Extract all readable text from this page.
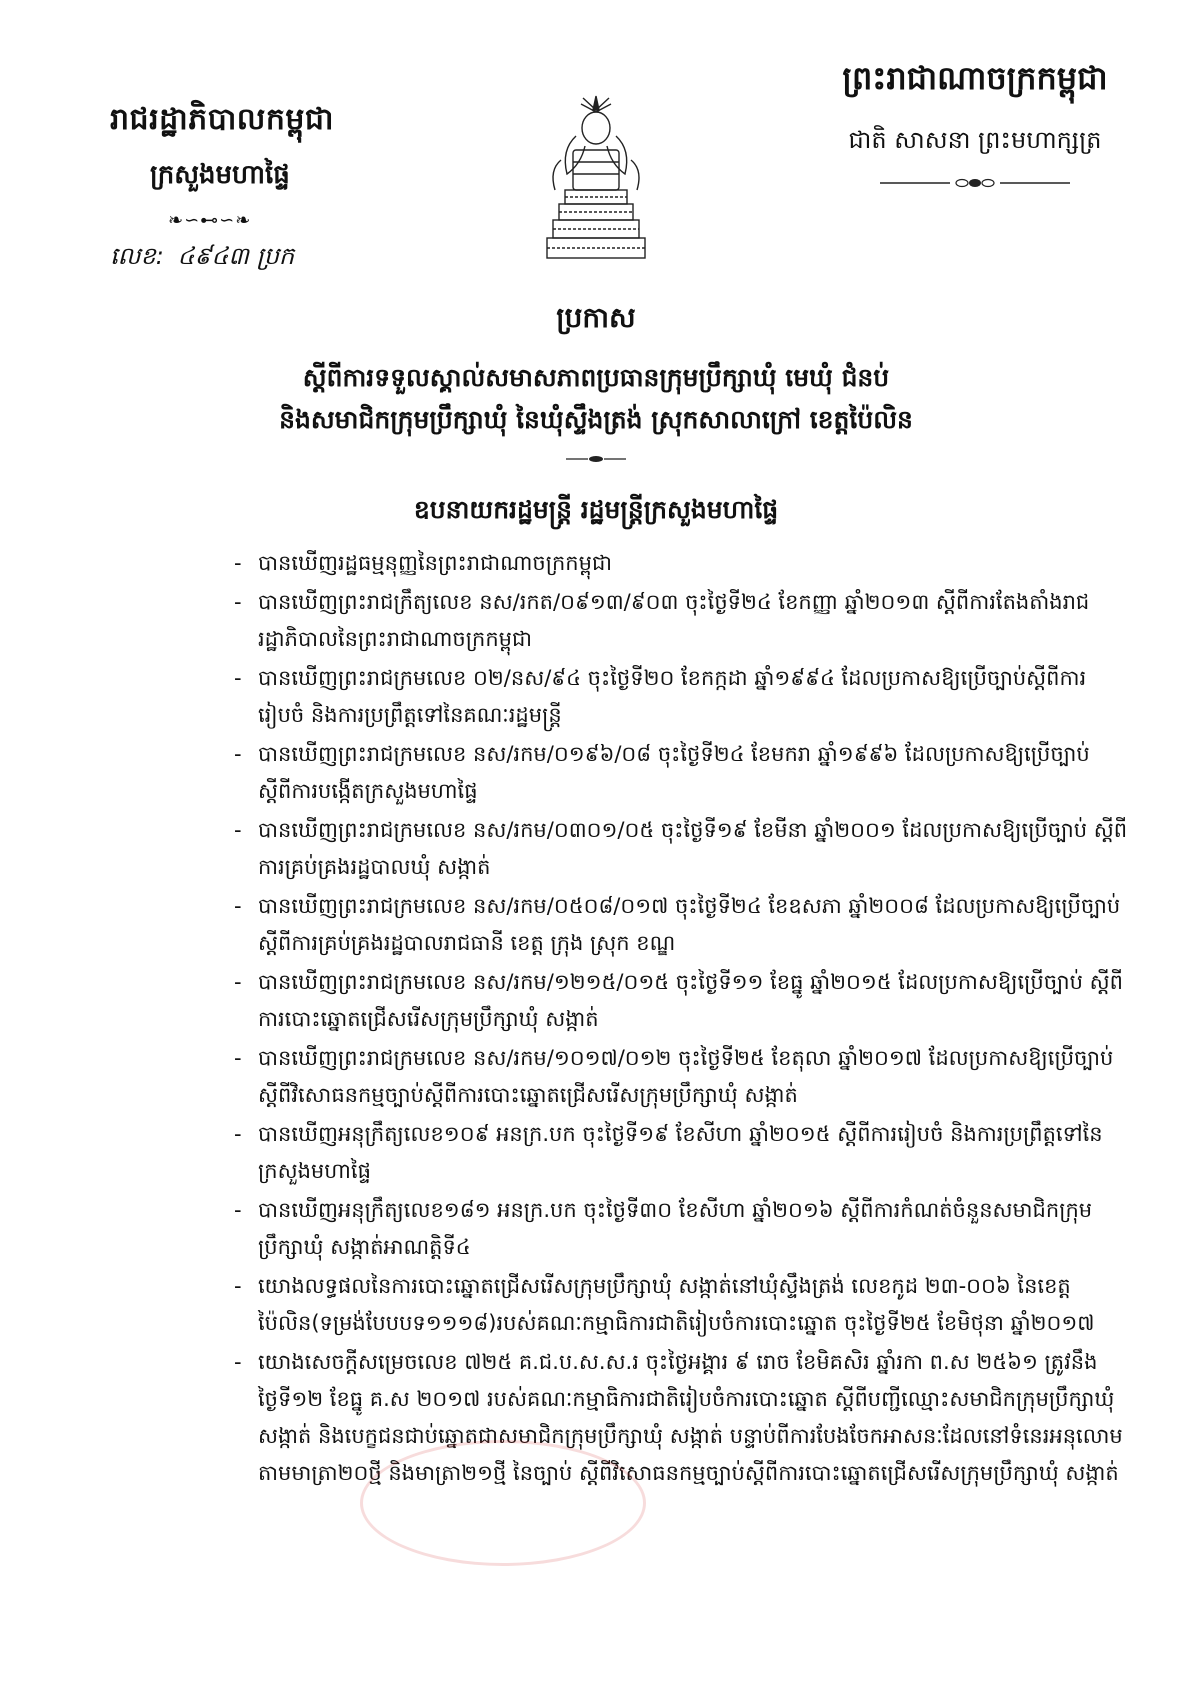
រាជរដ្ឋាភិបាលកម្ពុជា
ក្រសួងមហាផ្ទៃ
❧∽⊷∽❧
លេខ: ៤៩៤៣ ប្រក
ព្រះរាជាណាចក្រកម្ពុជា
ជាតិ សាសនា ព្រះមហាក្សត្រ
ប្រកាស
ស្តីពីការទទួលស្គាល់សមាសភាពប្រធានក្រុមប្រឹក្សាឃុំ មេឃុំ ជំនប់
និងសមាជិកក្រុមប្រឹក្សាឃុំ នៃឃុំស្ទឹងត្រង់ ស្រុកសាលាក្រៅ ខេត្តប៉ៃលិន
ឧបនាយករដ្ឋមន្ត្រី រដ្ឋមន្ត្រីក្រសួងមហាផ្ទៃ
- បានឃើញរដ្ឋធម្មនុញ្ញនៃព្រះរាជាណាចក្រកម្ពុជា
- បានឃើញព្រះរាជក្រឹត្យលេខ នស/រកត/០៩១៣/៩០៣ ចុះថ្ងៃទី២៤ ខែកញ្ញា ឆ្នាំ២០១៣ ស្តីពីការតែងតាំងរាជរដ្ឋាភិបាលនៃព្រះរាជាណាចក្រកម្ពុជា
- បានឃើញព្រះរាជក្រមលេខ ០២/នស/៩៤ ចុះថ្ងៃទី២០ ខែកក្កដា ឆ្នាំ១៩៩៤ ដែលប្រកាសឱ្យប្រើច្បាប់ស្តីពីការរៀបចំ និងការប្រព្រឹត្តទៅនៃគណៈរដ្ឋមន្ត្រី
- បានឃើញព្រះរាជក្រមលេខ នស/រកម/០១៩៦/០៨ ចុះថ្ងៃទី២៤ ខែមករា ឆ្នាំ១៩៩៦ ដែលប្រកាសឱ្យប្រើច្បាប់ ស្តីពីការបង្កើតក្រសួងមហាផ្ទៃ
- បានឃើញព្រះរាជក្រមលេខ នស/រកម/០៣០១/០៥ ចុះថ្ងៃទី១៩ ខែមីនា ឆ្នាំ២០០១ ដែលប្រកាសឱ្យប្រើច្បាប់ ស្តីពីការគ្រប់គ្រងរដ្ឋបាលឃុំ សង្កាត់
- បានឃើញព្រះរាជក្រមលេខ នស/រកម/០៥០៨/០១៧ ចុះថ្ងៃទី២៤ ខែឧសភា ឆ្នាំ២០០៨ ដែលប្រកាសឱ្យប្រើច្បាប់ ស្តីពីការគ្រប់គ្រងរដ្ឋបាលរាជធានី ខេត្ត ក្រុង ស្រុក ខណ្ឌ
- បានឃើញព្រះរាជក្រមលេខ នស/រកម/១២១៥/០១៥ ចុះថ្ងៃទី១១ ខែធ្នូ ឆ្នាំ២០១៥ ដែលប្រកាសឱ្យប្រើច្បាប់ ស្តីពីការបោះឆ្នោតជ្រើសរើសក្រុមប្រឹក្សាឃុំ សង្កាត់
- បានឃើញព្រះរាជក្រមលេខ នស/រកម/១០១៧/០១២ ចុះថ្ងៃទី២៥ ខែតុលា ឆ្នាំ២០១៧ ដែលប្រកាសឱ្យប្រើច្បាប់ ស្តីពីវិសោធនកម្មច្បាប់ស្តីពីការបោះឆ្នោតជ្រើសរើសក្រុមប្រឹក្សាឃុំ សង្កាត់
- បានឃើញអនុក្រឹត្យលេខ១០៩ អនក្រ.បក ចុះថ្ងៃទី១៩ ខែសីហា ឆ្នាំ២០១៥ ស្តីពីការរៀបចំ និងការប្រព្រឹត្តទៅនៃក្រសួងមហាផ្ទៃ
- បានឃើញអនុក្រឹត្យលេខ១៨១ អនក្រ.បក ចុះថ្ងៃទី៣០ ខែសីហា ឆ្នាំ២០១៦ ស្តីពីការកំណត់ចំនួនសមាជិកក្រុមប្រឹក្សាឃុំ សង្កាត់អាណត្តិទី៤
- យោងលទ្ធផលនៃការបោះឆ្នោតជ្រើសរើសក្រុមប្រឹក្សាឃុំ សង្កាត់នៅឃុំស្ទឹងត្រង់ លេខកូដ ២៣-០០៦ នៃខេត្តប៉ៃលិន(ទម្រង់បែបបទ១១១៨)របស់គណៈកម្មាធិការជាតិរៀបចំការបោះឆ្នោត ចុះថ្ងៃទី២៥ ខែមិថុនា ឆ្នាំ២០១៧
- យោងសេចក្តីសម្រេចលេខ ៧២៥ គ.ជ.ប.ស.ស.រ ចុះថ្ងៃអង្គារ ៩ រោច ខែមិគសិរ ឆ្នាំរកា ព.ស ២៥៦១ ត្រូវនឹងថ្ងៃទី១២ ខែធ្នូ គ.ស ២០១៧ របស់គណៈកម្មាធិការជាតិរៀបចំការបោះឆ្នោត ស្តីពីបញ្ជីឈ្មោះសមាជិកក្រុមប្រឹក្សាឃុំ សង្កាត់ និងបេក្ខជនជាប់ឆ្នោតជាសមាជិកក្រុមប្រឹក្សាឃុំ សង្កាត់ បន្ទាប់ពីការបែងចែកអាសនៈដែលនៅទំនេរអនុលោមតាមមាត្រា២០ថ្មី និងមាត្រា២១ថ្មី នៃច្បាប់ ស្តីពីវិសោធនកម្មច្បាប់ស្តីពីការបោះឆ្នោតជ្រើសរើសក្រុមប្រឹក្សាឃុំ សង្កាត់
